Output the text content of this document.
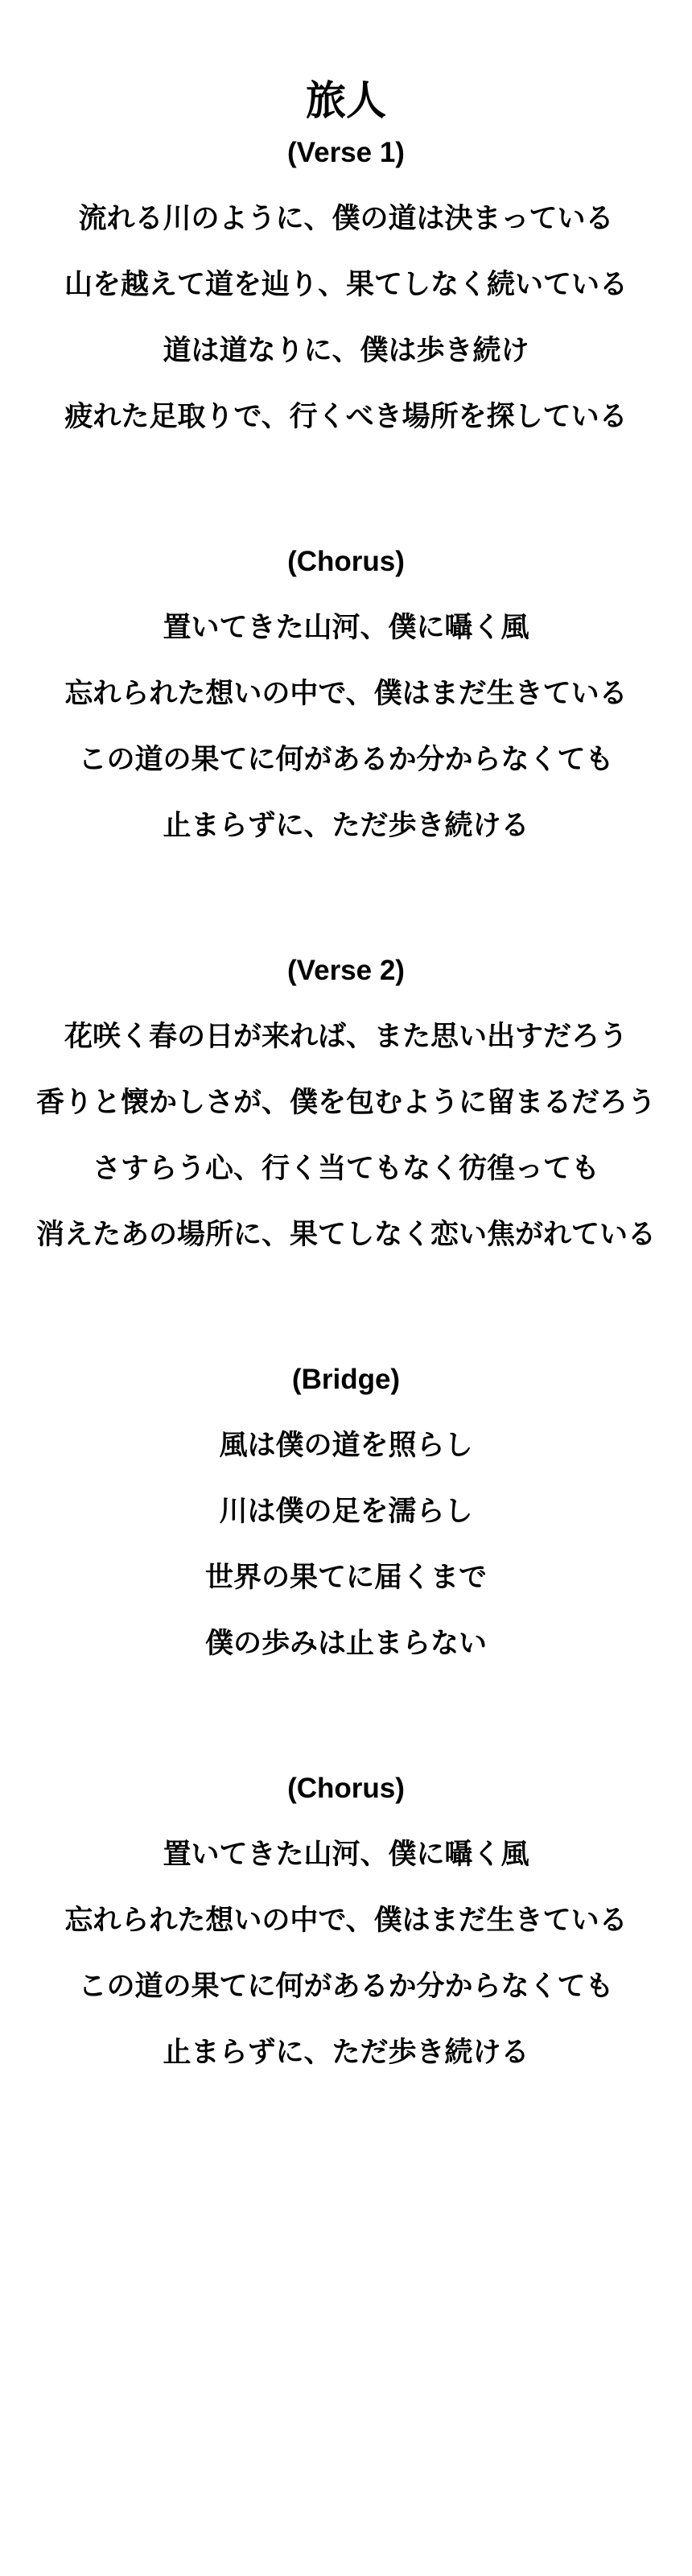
旅人

(Verse 1)

流れる川のように、僕の道は決まっている

山を越えて道を辿り、果てしなく続いている

道は道なりに、僕は歩き続け

疲れた足取りで、行くべき場所を探している

(Chorus)

置いてきた山河、僕に囁く風

忘れられた想いの中で、僕はまだ生きている

この道の果てに何があるか分からなくても

止まらずに、ただ歩き続ける

(Verse 2)

花咲く春の日が来れば、また思い出すだろう

香りと懐かしさが、僕を包むように留まるだろう

さすらう心、行く当てもなく彷徨っても

消えたあの場所に、果てしなく恋い焦がれている

(Bridge)

風は僕の道を照らし

川は僕の足を濡らし

世界の果てに届くまで

僕の歩みは止まらない

(Chorus)

置いてきた山河、僕に囁く風

忘れられた想いの中で、僕はまだ生きている

この道の果てに何があるか分からなくても

止まらずに、ただ歩き続ける
